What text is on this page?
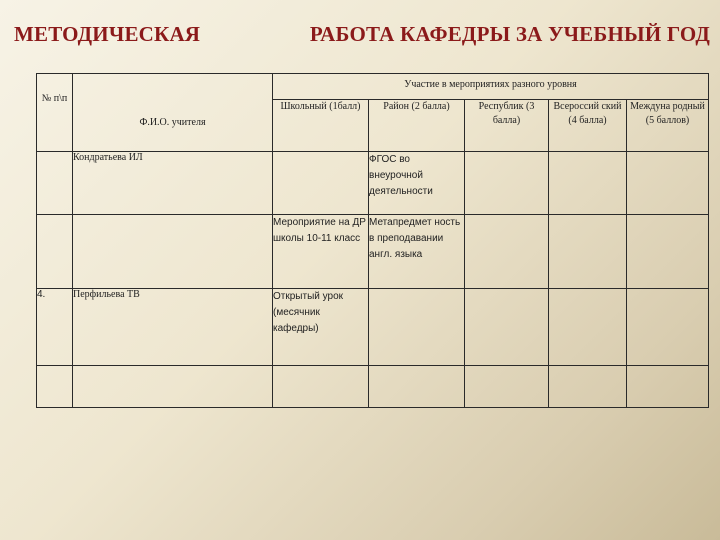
МЕТОДИЧЕСКАЯ	РАБОТА КАФЕДРЫ ЗА УЧЕБНЫЙ ГОД
№ п\п	Ф.И.О. учителя	Участие в мероприятиях разного уровня				
		Школьный (1балл)	Район (2 балла)	Республик (3 балла)	Всероссий ский (4 балла)	Междуна родный (5 баллов)
	Кондратьева ИЛ		ФГОС во внеурочной деятельности			
		Мероприятие на ДР школы 10-11 класс	Метапредмет ность в преподавании англ. языка			
4.	Перфильева ТВ	Открытый урок (месячник кафедры)				
